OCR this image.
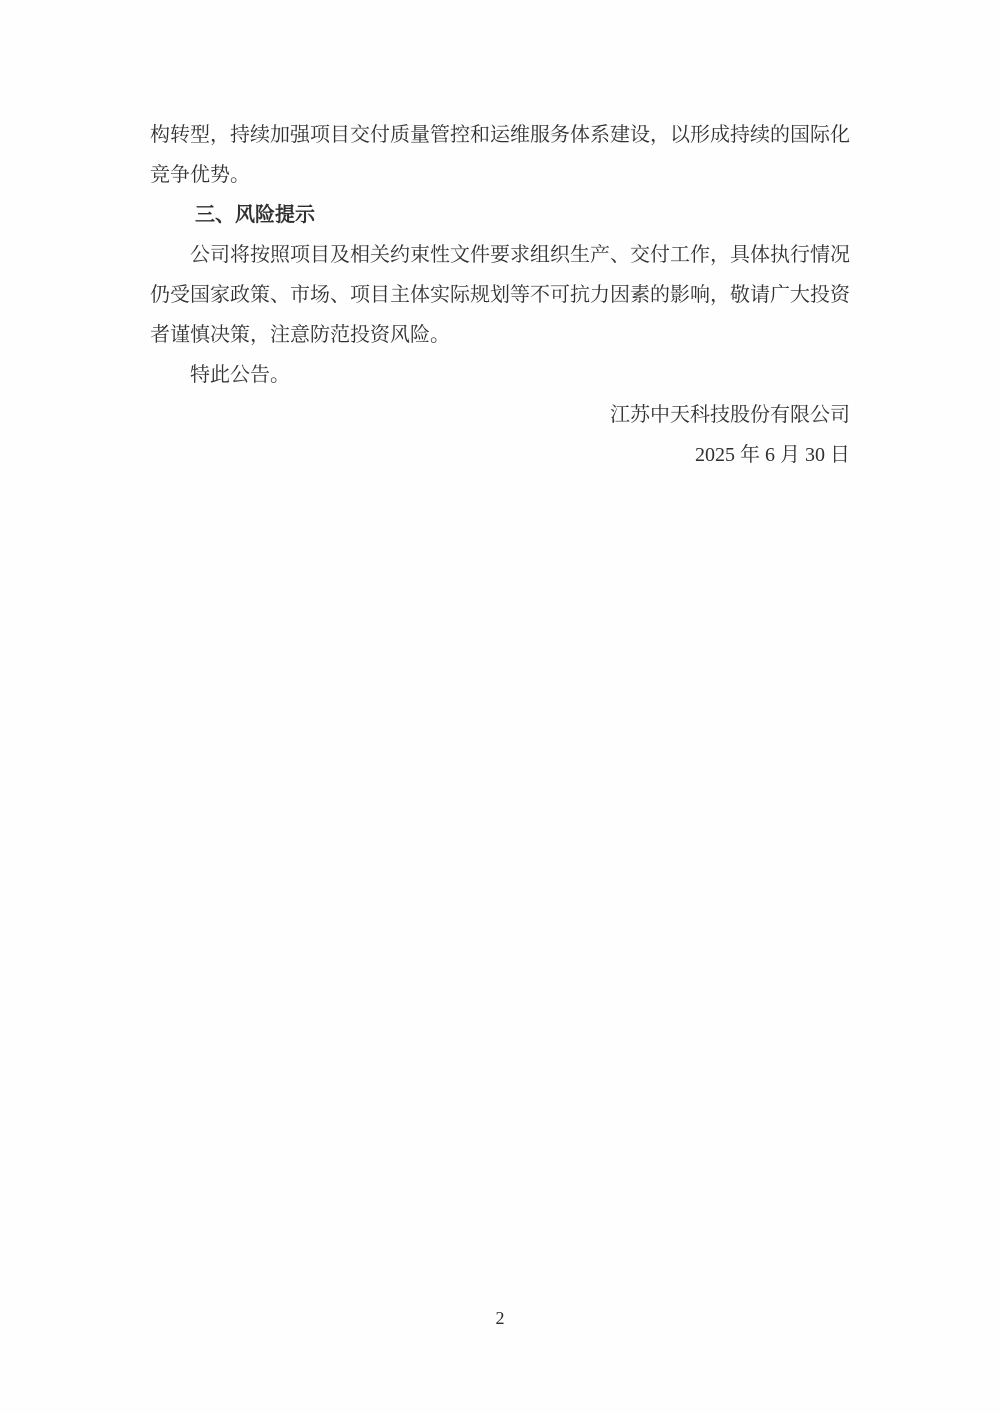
构转型，持续加强项目交付质量管控和运维服务体系建设，以形成持续的国际化
竞争优势。
三、风险提示
公司将按照项目及相关约束性文件要求组织生产、交付工作，具体执行情况
仍受国家政策、市场、项目主体实际规划等不可抗力因素的影响，敬请广大投资
者谨慎决策，注意防范投资风险。
特此公告。
江苏中天科技股份有限公司
2025 年 6 月 30 日
2
